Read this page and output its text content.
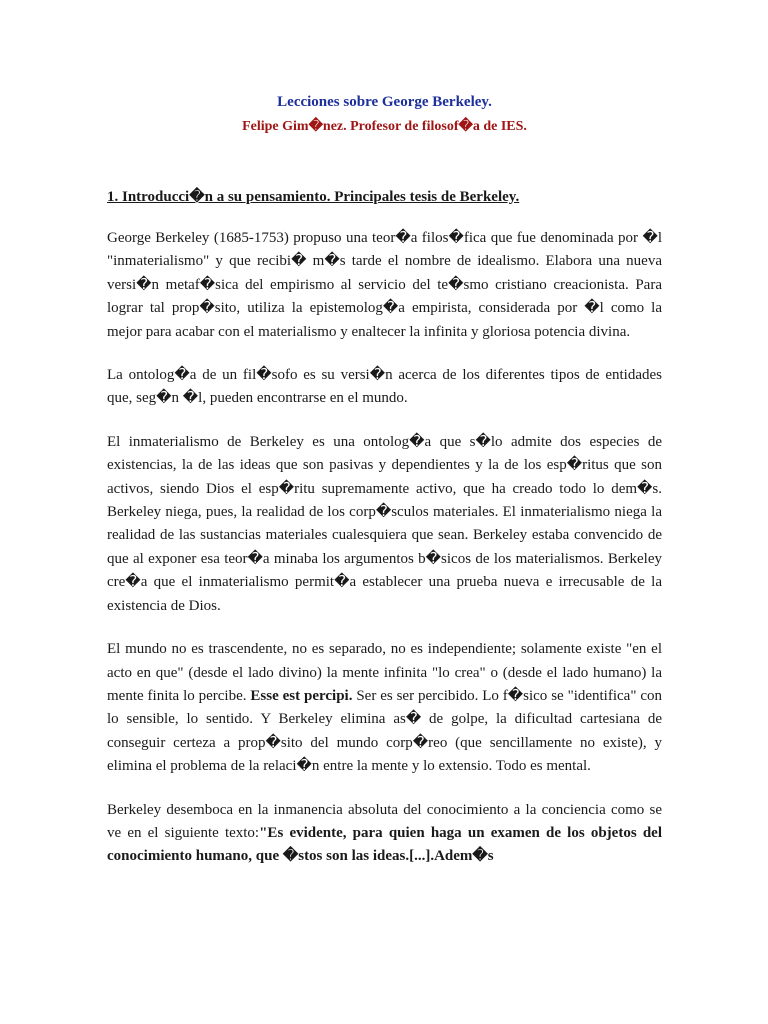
Lecciones sobre George Berkeley.

Felipe Gim�nez. Profesor de filosof�a de IES.

1. Introducci�n a su pensamiento. Principales tesis de Berkeley.

George Berkeley (1685-1753) propuso una teor�a filos�fica que fue denominada por �l "inmaterialismo" y que recibi� m�s tarde el nombre de idealismo. Elabora una nueva versi�n metaf�sica del empirismo al servicio del te�smo cristiano creacionista. Para lograr tal prop�sito, utiliza la epistemolog�a empirista, considerada por �l como la mejor para acabar con el materialismo y enaltecer la infinita y gloriosa potencia divina.

La ontolog�a de un fil�sofo es su versi�n acerca de los diferentes tipos de entidades que, seg�n �l, pueden encontrarse en el mundo.

El inmaterialismo de Berkeley es una ontolog�a que s�lo admite dos especies de existencias, la de las ideas que son pasivas y dependientes y la de los esp�ritus que son activos, siendo Dios el esp�ritu supremamente activo, que ha creado todo lo dem�s. Berkeley niega, pues, la realidad de los corp�sculos materiales. El inmaterialismo niega la realidad de las sustancias materiales cualesquiera que sean. Berkeley estaba convencido de que al exponer esa teor�a minaba los argumentos b�sicos de los materialismos. Berkeley cre�a que el inmaterialismo permit�a establecer una prueba nueva e irrecusable de la existencia de Dios.

El mundo no es trascendente, no es separado, no es independiente; solamente existe "en el acto en que" (desde el lado divino) la mente infinita "lo crea" o (desde el lado humano) la mente finita lo percibe. Esse est percipi. Ser es ser percibido. Lo f�sico se "identifica" con lo sensible, lo sentido. Y Berkeley elimina as� de golpe, la dificultad cartesiana de conseguir certeza a prop�sito del mundo corp�reo (que sencillamente no existe), y elimina el problema de la relaci�n entre la mente y lo extensio. Todo es mental.

Berkeley desemboca en la inmanencia absoluta del conocimiento a la conciencia como se ve en el siguiente texto:"Es evidente, para quien haga un examen de los objetos del conocimiento humano, que �stos son las ideas.[...].Adem�s
